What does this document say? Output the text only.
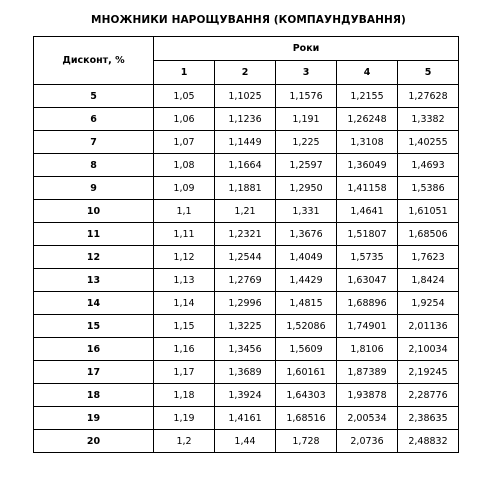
МНОЖНИКИ НАРОЩУВАННЯ (КОМПАУНДУВАННЯ)
Дисконт, %	Роки				
	1	2	3	4	5
5	1,05	1,1025	1,1576	1,2155	1,27628
6	1,06	1,1236	1,191	1,26248	1,3382
7	1,07	1,1449	1,225	1,3108	1,40255
8	1,08	1,1664	1,2597	1,36049	1,4693
9	1,09	1,1881	1,2950	1,41158	1,5386
10	1,1	1,21	1,331	1,4641	1,61051
11	1,11	1,2321	1,3676	1,51807	1,68506
12	1,12	1,2544	1,4049	1,5735	1,7623
13	1,13	1,2769	1,4429	1,63047	1,8424
14	1,14	1,2996	1,4815	1,68896	1,9254
15	1,15	1,3225	1,52086	1,74901	2,01136
16	1,16	1,3456	1,5609	1,8106	2,10034
17	1,17	1,3689	1,60161	1,87389	2,19245
18	1,18	1,3924	1,64303	1,93878	2,28776
19	1,19	1,4161	1,68516	2,00534	2,38635
20	1,2	1,44	1,728	2,0736	2,48832
